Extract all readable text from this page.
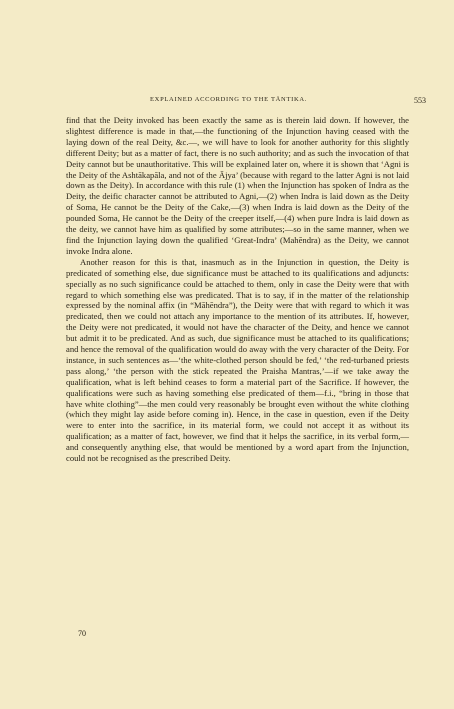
EXPLAINED ACCORDING TO THE TĀNTIKA.	553

find that the Deity invoked has been exactly the same as is therein laid down. If however, the slightest difference is made in that,—the functioning of the Injunction having ceased with the laying down of the real Deity, &c.—, we will have to look for another authority for this slightly different Deity; but as a matter of fact, there is no such authority; and as such the invocation of that Deity cannot but be unauthoritative. This will be explained later on, where it is shown that ‘Agni is the Deity of the Ashtākapāla, and not of the Ājya’ (because with regard to the latter Agni is not laid down as the Deity). In accordance with this rule (1) when the Injunction has spoken of Indra as the Deity, the deific character cannot be attributed to Agni,—(2) when Indra is laid down as the Deity of Soma, He cannot be the Deity of the Cake,—(3) when Indra is laid down as the Deity of the pounded Soma, He cannot be the Deity of the creeper itself,—(4) when pure Indra is laid down as the deity, we cannot have him as qualified by some attributes;—so in the same manner, when we find the Injunction laying down the qualified ‘Great-Indra’ (Mahēndra) as the Deity, we cannot invoke Indra alone.

Another reason for this is that, inasmuch as in the Injunction in question, the Deity is predicated of something else, due significance must be attached to its qualifications and adjuncts: specially as no such significance could be attached to them, only in case the Deity were that with regard to which something else was predicated. That is to say, if in the matter of the relationship expressed by the nominal affix (in “Māhēndra”), the Deity were that with regard to which it was predicated, then we could not attach any importance to the mention of its attributes. If, however, the Deity were not predicated, it would not have the character of the Deity, and hence we cannot but admit it to be predicated. And as such, due significance must be attached to its qualifications; and hence the removal of the qualification would do away with the very character of the Deity. For instance, in such sentences as—‘the white-clothed person should be fed,’ ‘the red-turbaned priests pass along,’ ‘the person with the stick repeated the Praisha Mantras,’—if we take away the qualification, what is left behind ceases to form a material part of the Sacrifice. If however, the qualifications were such as having something else predicated of them—f.i., “bring in those that have white clothing”—the men could very reasonably be brought even without the white clothing (which they might lay aside before coming in). Hence, in the case in question, even if the Deity were to enter into the sacrifice, in its material form, we could not accept it as without its qualification; as a matter of fact, however, we find that it helps the sacrifice, in its verbal form,—and consequently anything else, that would be mentioned by a word apart from the Injunction, could not be recognised as the prescribed Deity.

70
